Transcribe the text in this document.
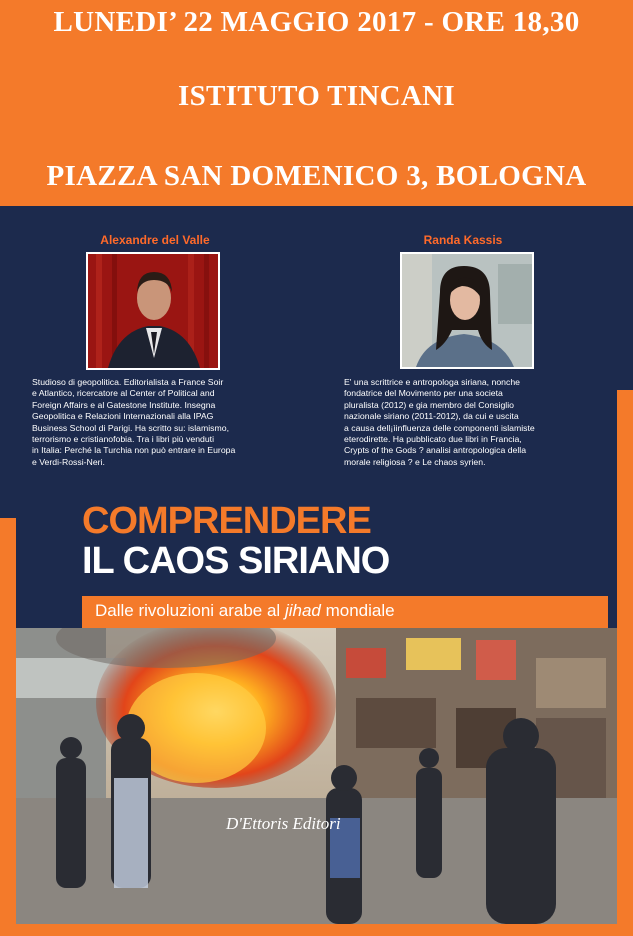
LUNEDI’ 22 MAGGIO 2017 - ORE 18,30
ISTITUTO TINCANI
PIAZZA SAN DOMENICO 3, BOLOGNA
Alexandre del Valle
Studioso di geopolitica. Editorialista a France Soir
e Atlantico, ricercatore al Center of Political and
Foreign Affairs e al Gatestone Institute. Insegna
Geopolitica e Relazioni Internazionali alla IPAG
Business School di Parigi. Ha scritto su: islamismo,
terrorismo e cristianofobia. Tra i libri più venduti
in Italia: Perché la Turchia non può entrare in Europa
e Verdi-Rossi-Neri.
Randa Kassis
E' una scrittrice e antropologa siriana, nonche
fondatrice del Movimento per una societa
pluralista (2012) e gia membro del Consiglio
nazionale siriano (2011-2012), da cui e uscita
a causa dell¡ìinfluenza delle componenti islamiste
eterodirette. Ha pubblicato due libri in Francia,
Crypts of the Gods ? analisi antropologica della
morale religiosa ? e Le chaos syrien.
COMPRENDERE
IL CAOS SIRIANO
Dalle rivoluzioni arabe al jihad mondiale
D'Ettoris Editori
